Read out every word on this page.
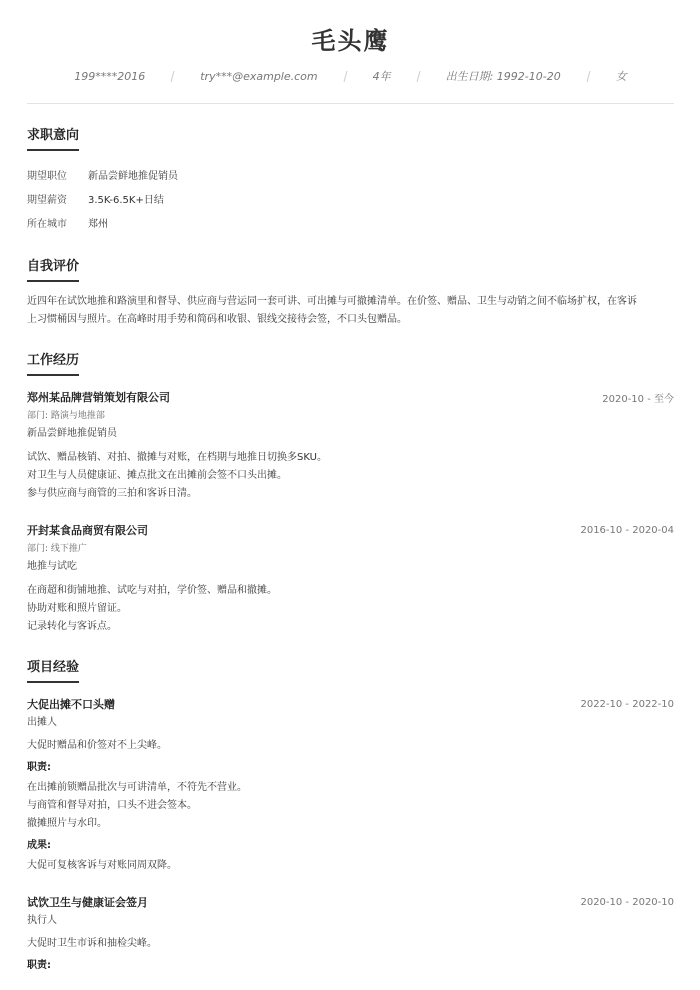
毛头鹰
199****2016	try***@example.com	4年	出生日期: 1992-10-20	女
求职意向
期望职位	新品尝鲜地推促销员
期望薪资	3.5K-6.5K+日结
所在城市	郑州
自我评价
近四年在试饮地推和路演里和督导、供应商与营运同一套可讲、可出摊与可撤摊清单。在价签、赠品、卫生与动销之间不临场扩权，在客诉
上习惯桶因与照片。在高峰时用手势和简码和收银、银线交接待会签，不口头包赠品。
工作经历
郑州某品牌营销策划有限公司	2020-10 - 至今
部门: 路演与地推部
新品尝鲜地推促销员
试饮、赠品核销、对拍、撤摊与对账，在档期与地推日切换多SKU。
对卫生与人员健康证、摊点批文在出摊前会签不口头出摊。
参与供应商与商管的三拍和客诉日清。
开封某食品商贸有限公司	2016-10 - 2020-04
部门: 线下推广
地推与试吃
在商超和街铺地推、试吃与对拍，学价签、赠品和撤摊。
协助对账和照片留证。
记录转化与客诉点。
项目经验
大促出摊不口头赠	2022-10 - 2022-10
出摊人
大促时赠品和价签对不上尖峰。
职责:
在出摊前锁赠品批次与可讲清单，不符先不营业。
与商管和督导对拍，口头不进会签本。
撤摊照片与水印。
成果:
大促可复核客诉与对账同周双降。
试饮卫生与健康证会签月	2020-10 - 2020-10
执行人
大促时卫生市诉和抽检尖峰。
职责:
